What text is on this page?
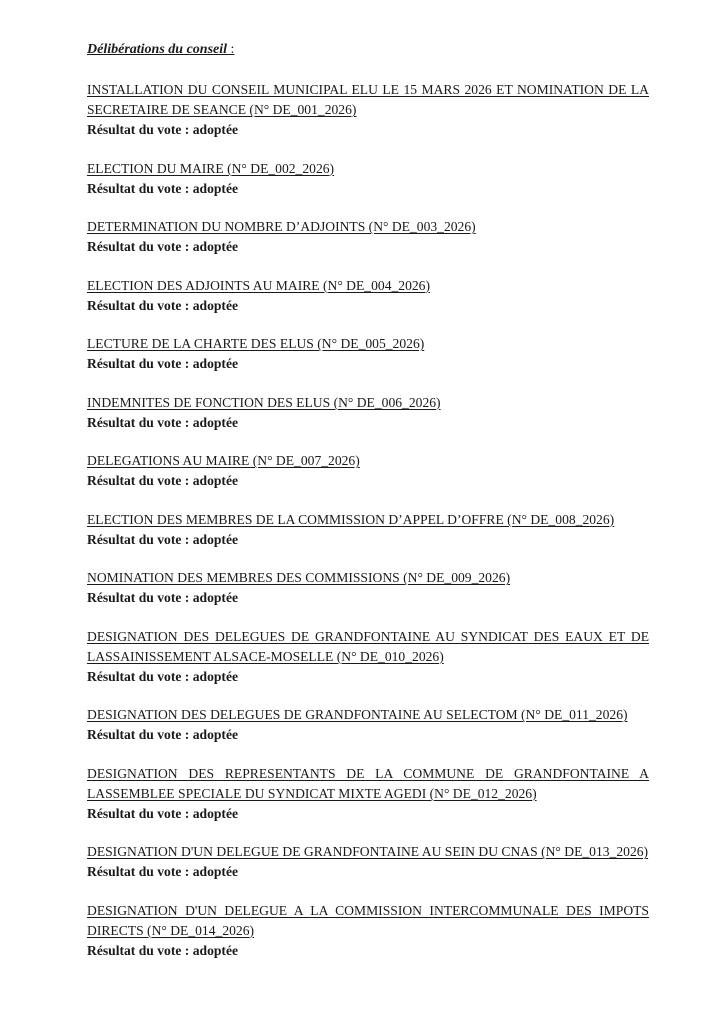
Délibérations du conseil :

INSTALLATION DU CONSEIL MUNICIPAL ELU LE 15 MARS 2026 ET NOMINATION DE LA SECRETAIRE DE SEANCE (N° DE_001_2026)

Résultat du vote : adoptée

ELECTION DU MAIRE (N° DE_002_2026)

Résultat du vote : adoptée

DETERMINATION DU NOMBRE D’ADJOINTS (N° DE_003_2026)

Résultat du vote : adoptée

ELECTION DES ADJOINTS AU MAIRE (N° DE_004_2026)

Résultat du vote : adoptée

LECTURE DE LA CHARTE DES ELUS (N° DE_005_2026)

Résultat du vote : adoptée

INDEMNITES DE FONCTION DES ELUS (N° DE_006_2026)

Résultat du vote : adoptée

DELEGATIONS AU MAIRE (N° DE_007_2026)

Résultat du vote : adoptée

ELECTION DES MEMBRES DE LA COMMISSION D’APPEL D’OFFRE (N° DE_008_2026)

Résultat du vote : adoptée

NOMINATION DES MEMBRES DES COMMISSIONS (N° DE_009_2026)

Résultat du vote : adoptée

DESIGNATION DES DELEGUES DE GRANDFONTAINE AU SYNDICAT DES EAUX ET DE LASSAINISSEMENT ALSACE-MOSELLE (N° DE_010_2026)

Résultat du vote : adoptée

DESIGNATION DES DELEGUES DE GRANDFONTAINE AU SELECTOM (N° DE_011_2026)

Résultat du vote : adoptée

DESIGNATION DES REPRESENTANTS DE LA COMMUNE DE GRANDFONTAINE A LASSEMBLEE SPECIALE DU SYNDICAT MIXTE AGEDI (N° DE_012_2026)

Résultat du vote : adoptée

DESIGNATION D'UN DELEGUE DE GRANDFONTAINE AU SEIN DU CNAS (N° DE_013_2026)

Résultat du vote : adoptée

DESIGNATION D'UN DELEGUE A LA COMMISSION INTERCOMMUNALE DES IMPOTS DIRECTS (N° DE_014_2026)

Résultat du vote : adoptée
